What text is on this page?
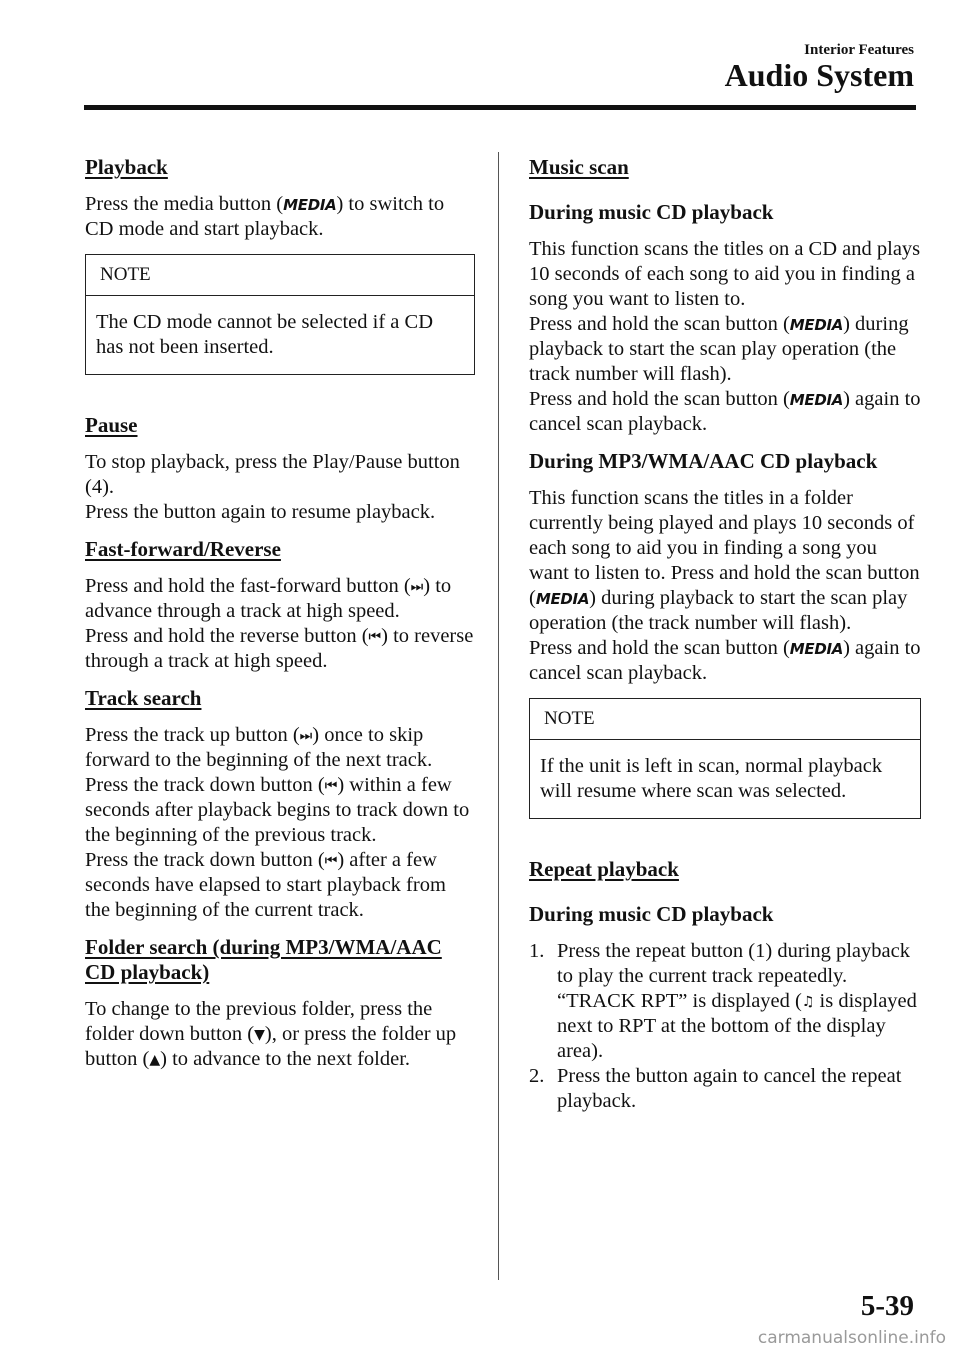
Interior Features
Audio System
Playback

Press the media button (MEDIA) to switch to CD mode and start playback.

NOTE
The CD mode cannot be selected if a CD has not been inserted.
Pause

To stop playback, press the Play/Pause button (4).
Press the button again to resume playback.

Fast-forward/Reverse

Press and hold the fast-forward button (⏭) to advance through a track at high speed.
Press and hold the reverse button (⏮) to reverse through a track at high speed.

Track search

Press the track up button (⏭) once to skip forward to the beginning of the next track.
Press the track down button (⏮) within a few seconds after playback begins to track down to the beginning of the previous track.
Press the track down button (⏮) after a few seconds have elapsed to start playback from the beginning of the current track.

Folder search (during MP3/WMA/AAC CD playback)

To change to the previous folder, press the folder down button (▼), or press the folder up button (▲) to advance to the next folder.

Music scan
During music CD playback

This function scans the titles on a CD and plays 10 seconds of each song to aid you in finding a song you want to listen to.
Press and hold the scan button (MEDIA) during playback to start the scan play operation (the track number will flash).
Press and hold the scan button (MEDIA) again to cancel scan playback.

During MP3/WMA/AAC CD playback

This function scans the titles in a folder currently being played and plays 10 seconds of each song to aid you in finding a song you want to listen to. Press and hold the scan button (MEDIA) during playback to start the scan play operation (the track number will flash).
Press and hold the scan button (MEDIA) again to cancel scan playback.

NOTE
If the unit is left in scan, normal playback will resume where scan was selected.
Repeat playback
During music CD playback
1. Press the repeat button (1) during playback to play the current track repeatedly. “TRACK RPT” is displayed (♫ is displayed next to RPT at the bottom of the display area).
2. Press the button again to cancel the repeat playback.
5-39
carmanualsonline.info
